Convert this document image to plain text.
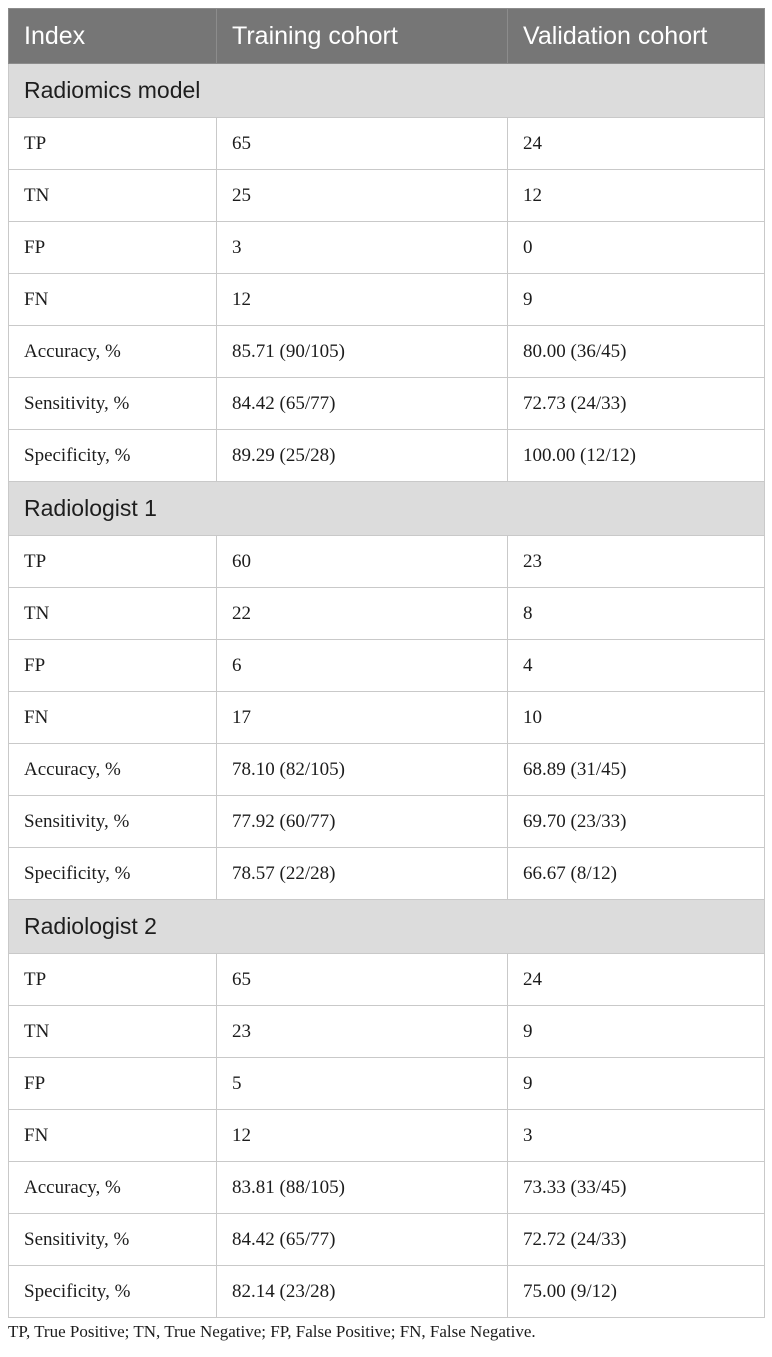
Index	Training cohort	Validation cohort
Radiomics model		
TP	65	24
TN	25	12
FP	3	0
FN	12	9
Accuracy, %	85.71 (90/105)	80.00 (36/45)
Sensitivity, %	84.42 (65/77)	72.73 (24/33)
Specificity, %	89.29 (25/28)	100.00 (12/12)
Radiologist 1		
TP	60	23
TN	22	8
FP	6	4
FN	17	10
Accuracy, %	78.10 (82/105)	68.89 (31/45)
Sensitivity, %	77.92 (60/77)	69.70 (23/33)
Specificity, %	78.57 (22/28)	66.67 (8/12)
Radiologist 2		
TP	65	24
TN	23	9
FP	5	9
FN	12	3
Accuracy, %	83.81 (88/105)	73.33 (33/45)
Sensitivity, %	84.42 (65/77)	72.72 (24/33)
Specificity, %	82.14 (23/28)	75.00 (9/12)
TP, True Positive; TN, True Negative; FP, False Positive; FN, False Negative.
